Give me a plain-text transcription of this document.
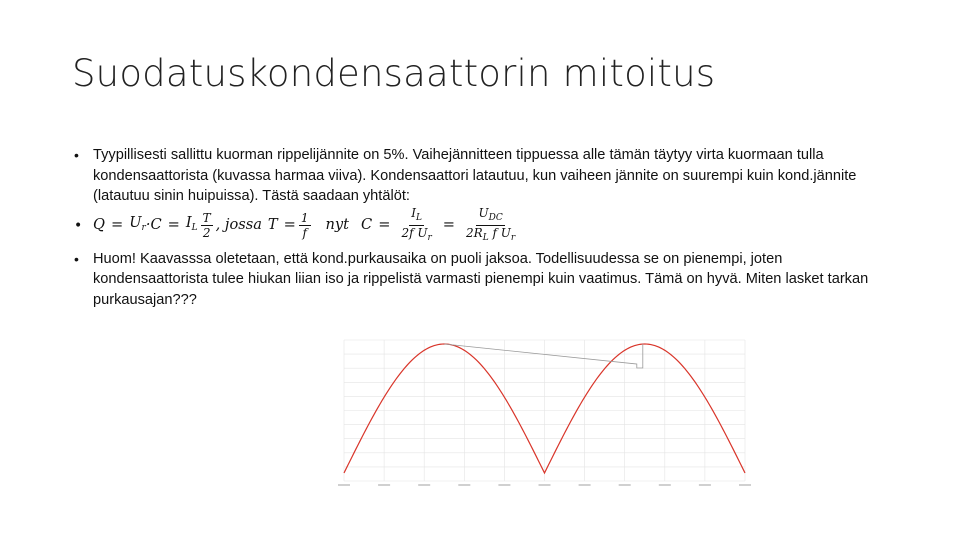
Suodatuskondensaattorin mitoitus
• Tyypillisesti sallittu kuorman rippelijännite on 5%. Vaihejännitteen tippuessa alle tämän täytyy virta kuormaan tulla kondensaattorista (kuvassa harmaa viiva). Kondensaattori latautuu, kun vaiheen jännite on suurempi kuin kond.jännite (latautuu sinin huipuissa). Tästä saadaan yhtälöt:
• $Q = U_r \cdot C = I_L \frac{T}{2}$ , jossa $T = \frac{1}{f}$ nyt $C = \frac{I_L}{2f U_r} = \frac{U_{DC}}{2R_L f U_r}$
• Huom! Kaavasssa oletetaan, että kond.purkausaika on puoli jaksoa. Todellisuudessa se on pienempi, joten kondensaattorista tulee hiukan liian iso ja rippelistä varmasti pienempi kuin vaatimus. Tämä on hyvä. Miten lasket tarkan purkausajan???
